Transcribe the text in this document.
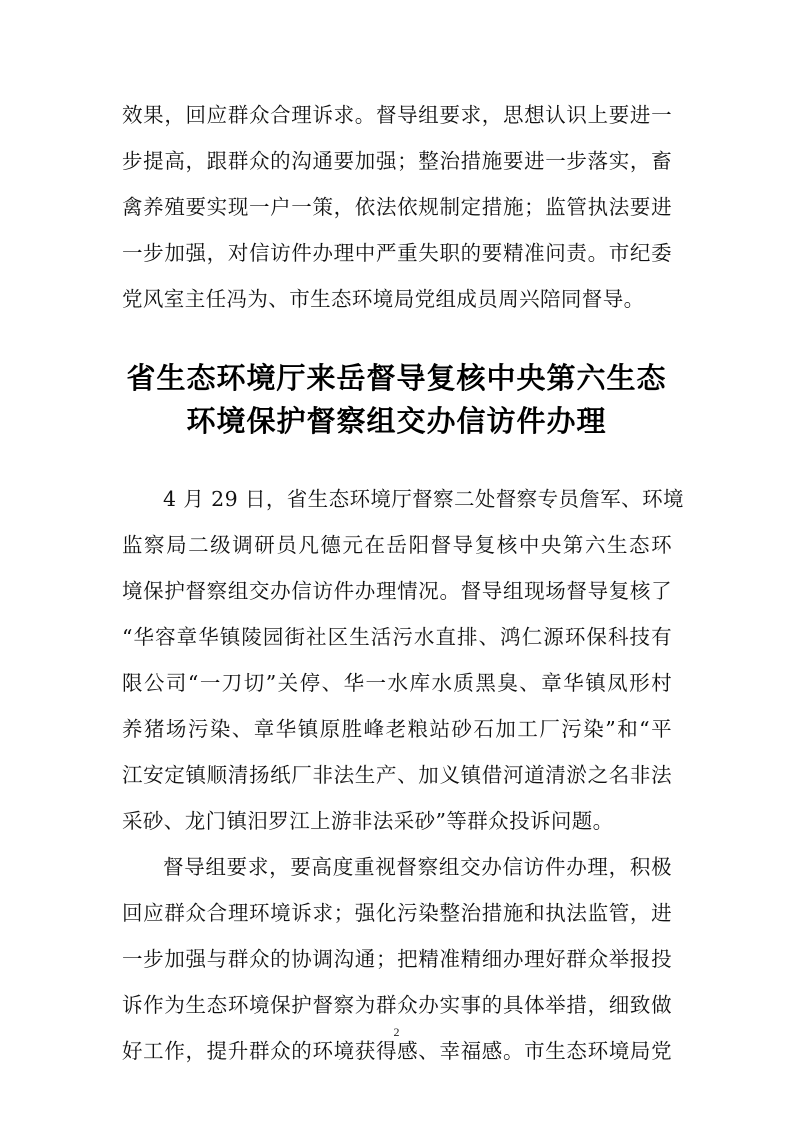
效果，回应群众合理诉求。督导组要求，思想认识上要进一
步提高，跟群众的沟通要加强；整治措施要进一步落实，畜
禽养殖要实现一户一策，依法依规制定措施；监管执法要进
一步加强，对信访件办理中严重失职的要精准问责。市纪委
党风室主任冯为、市生态环境局党组成员周兴陪同督导。
省生态环境厅来岳督导复核中央第六生态
环境保护督察组交办信访件办理
4 月 29 日，省生态环境厅督察二处督察专员詹军、环境
监察局二级调研员凡德元在岳阳督导复核中央第六生态环
境保护督察组交办信访件办理情况。督导组现场督导复核了
“华容章华镇陵园街社区生活污水直排、鸿仁源环保科技有
限公司“一刀切”关停、华一水库水质黑臭、章华镇凤形村
养猪场污染、章华镇原胜峰老粮站砂石加工厂污染”和“平
江安定镇顺清扬纸厂非法生产、加义镇借河道清淤之名非法
采砂、龙门镇汨罗江上游非法采砂”等群众投诉问题。
督导组要求，要高度重视督察组交办信访件办理，积极
回应群众合理环境诉求；强化污染整治措施和执法监管，进
一步加强与群众的协调沟通；把精准精细办理好群众举报投
诉作为生态环境保护督察为群众办实事的具体举措，细致做
好工作，提升群众的环境获得感、幸福感。市生态环境局党
2
